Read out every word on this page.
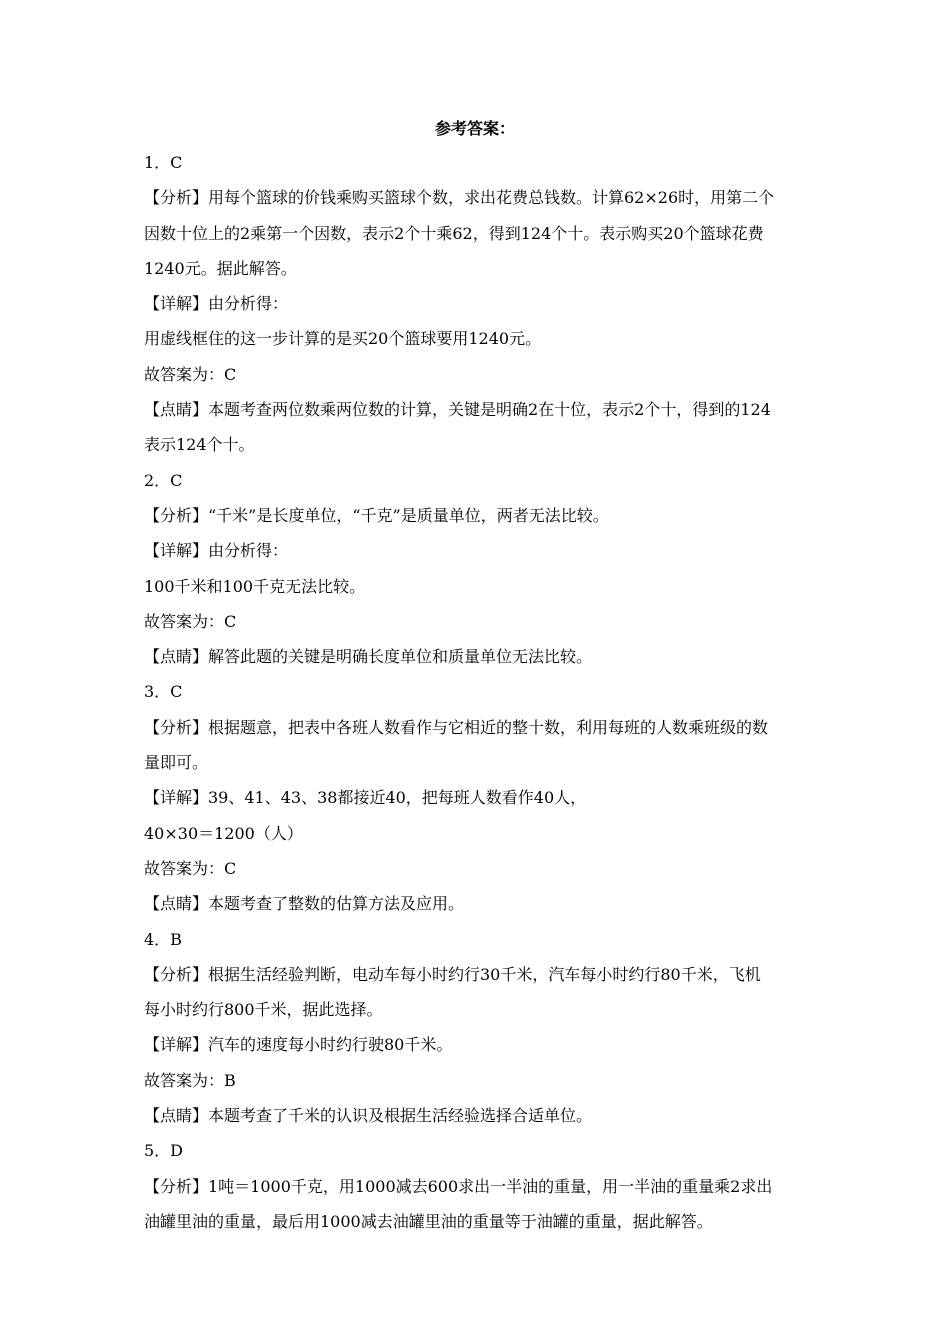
参考答案：
1．C
【分析】用每个篮球的价钱乘购买篮球个数，求出花费总钱数。计算62×26时，用第二个
因数十位上的2乘第一个因数，表示2个十乘62，得到124个十。表示购买20个篮球花费
1240元。据此解答。
【详解】由分析得：
用虚线框住的这一步计算的是买20个篮球要用1240元。
故答案为：C
【点睛】本题考查两位数乘两位数的计算，关键是明确2在十位，表示2个十，得到的124
表示124个十。
2．C
【分析】“千米”是长度单位，“千克”是质量单位，两者无法比较。
【详解】由分析得：
100千米和100千克无法比较。
故答案为：C
【点睛】解答此题的关键是明确长度单位和质量单位无法比较。
3．C
【分析】根据题意，把表中各班人数看作与它相近的整十数，利用每班的人数乘班级的数
量即可。
【详解】39、41、43、38都接近40，把每班人数看作40人，
40×30＝1200（人）
故答案为：C
【点睛】本题考查了整数的估算方法及应用。
4．B
【分析】根据生活经验判断，电动车每小时约行30千米，汽车每小时约行80千米，飞机
每小时约行800千米，据此选择。
【详解】汽车的速度每小时约行驶80千米。
故答案为：B
【点睛】本题考查了千米的认识及根据生活经验选择合适单位。
5．D
【分析】1吨＝1000千克，用1000减去600求出一半油的重量，用一半油的重量乘2求出
油罐里油的重量，最后用1000减去油罐里油的重量等于油罐的重量，据此解答。
